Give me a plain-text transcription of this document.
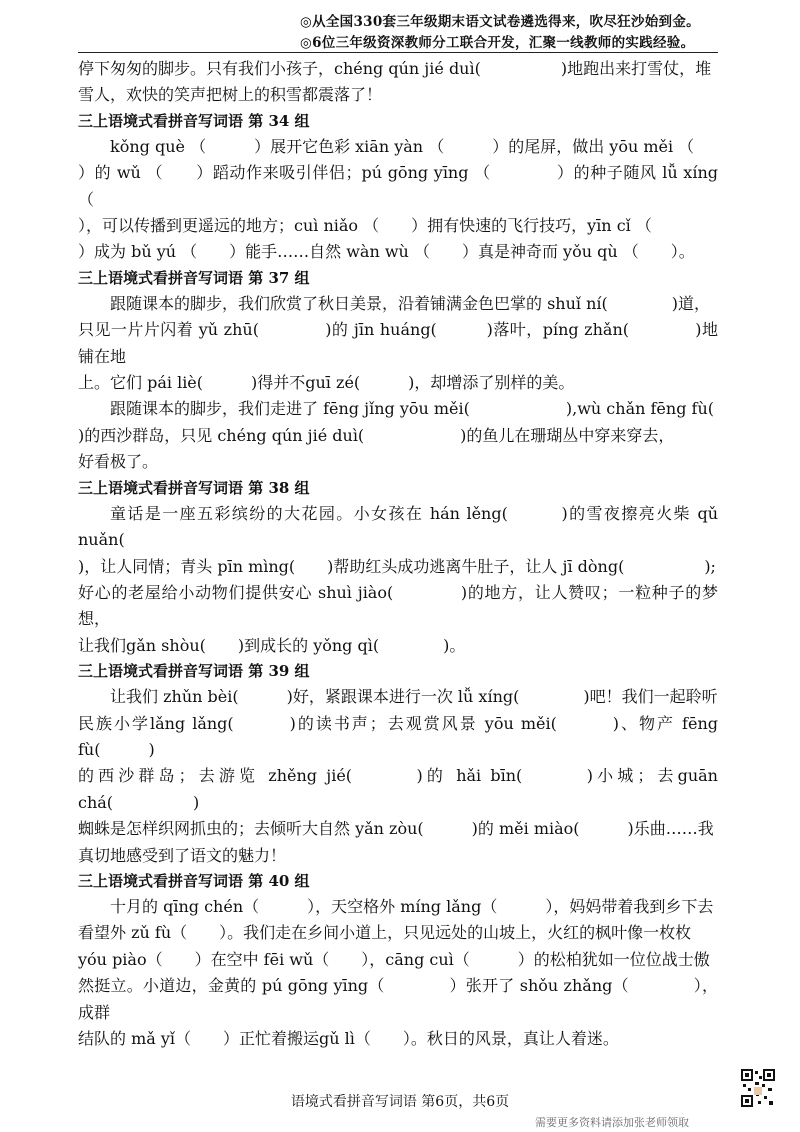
◎从全国330套三年级期末语文试卷遴选得来，吹尽狂沙始到金。
◎6位三年级资深教师分工联合开发，汇聚一线教师的实践经验。

停下匆匆的脚步。只有我们小孩子，chéng qún jié duì(　　　　　)地跑出来打雪仗，堆

雪人，欢快的笑声把树上的积雪都震落了！

三上语境式看拼音写词语 第 34 组

kǒng què （　　　）展开它色彩 xiān yàn （　　　）的尾屏，做出 yōu měi （

）的 wǔ （　　）蹈动作来吸引伴侣；pú gōng yīng （　　　　）的种子随风 lǚ xíng （

），可以传播到更遥远的地方；cuì niǎo （　　）拥有快速的飞行技巧，yīn cǐ （

）成为 bǔ yú （　　）能手……自然 wàn wù （　　）真是神奇而 yǒu qù （　　）。

三上语境式看拼音写词语 第 37 组

跟随课本的脚步，我们欣赏了秋日美景，沿着铺满金色巴掌的 shuǐ ní(　　　　)道，

只见一片片闪着 yǔ zhū(　　　　)的 jīn huáng(　　　)落叶，píng zhǎn(　　　　)地铺在地

上。它们 pái liè(　　　)得并不guī zé(　　　)，却增添了别样的美。

跟随课本的脚步，我们走进了 fēng jǐng yōu měi(　　　　　　),wù chǎn fēng fù(

)的西沙群岛，只见 chéng qún jié duì(　　　　　　)的鱼儿在珊瑚丛中穿来穿去，

好看极了。

三上语境式看拼音写词语 第 38 组

童话是一座五彩缤纷的大花园。小女孩在 hán lěng(　　　)的雪夜擦亮火柴 qǔ nuǎn(

)，让人同情；青头 pīn mìng(　　)帮助红头成功逃离牛肚子，让人 jī dòng(　　　　　);

好心的老屋给小动物们提供安心 shuì jiào(　　　　)的地方，让人赞叹；一粒种子的梦想，

让我们gǎn shòu(　　)到成长的 yǒng qì(　　　　)。

三上语境式看拼音写词语 第 39 组

让我们 zhǔn bèi(　　　)好，紧跟课本进行一次 lǚ xíng(　　　　)吧！我们一起聆听

民族小学lǎng lǎng(　　　)的读书声；去观赏风景 yōu měi(　　　)、物产 fēng fù(　　　)

的西沙群岛；去游览 zhěng jié(　　　)的 hǎi bīn(　　　)小城；去guān chá(　　　　　)

蜘蛛是怎样织网抓虫的；去倾听大自然 yǎn zòu(　　　)的 měi miào(　　　)乐曲……我

真切地感受到了语文的魅力！

三上语境式看拼音写词语 第 40 组

十月的 qīng chén（　　　），天空格外 míng lǎng（　　　），妈妈带着我到乡下去

看望外 zǔ fù（　　）。我们走在乡间小道上，只见远处的山坡上，火红的枫叶像一枚枚

yóu piào（　　）在空中 fēi wǔ（　　），cāng cuì（　　　）的松柏犹如一位位战士傲

然挺立。小道边，金黄的 pú gōng yīng（　　　　）张开了 shǒu zhǎng（　　　　），成群

结队的 mǎ yǐ（　　）正忙着搬运gǔ lì（　　）。秋日的风景，真让人着迷。

语境式看拼音写词语 第6页，共6页
需要更多资料请添加张老师领取
